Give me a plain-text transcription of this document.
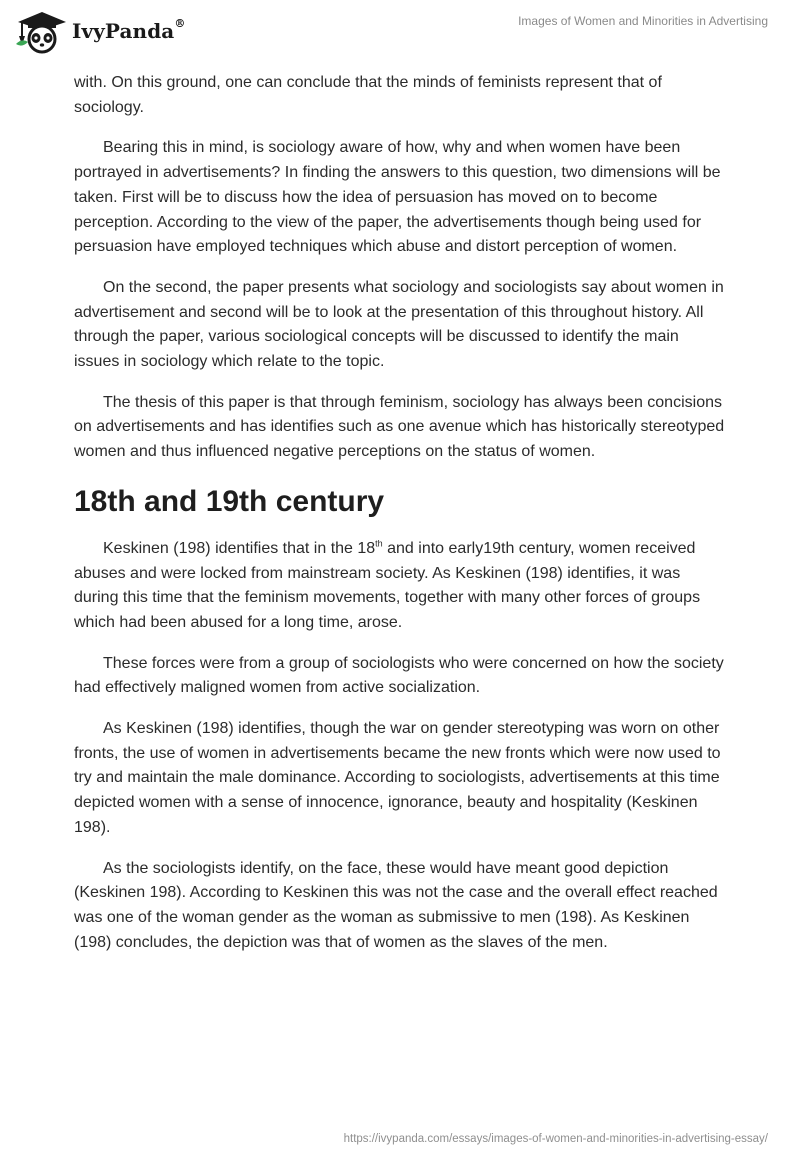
IvyPanda®	Images of Women and Minorities in Advertising

with. On this ground, one can conclude that the minds of feminists represent that of sociology.

Bearing this in mind, is sociology aware of how, why and when women have been portrayed in advertisements? In finding the answers to this question, two dimensions will be taken. First will be to discuss how the idea of persuasion has moved on to become perception. According to the view of the paper, the advertisements though being used for persuasion have employed techniques which abuse and distort perception of women.

On the second, the paper presents what sociology and sociologists say about women in advertisement and second will be to look at the presentation of this throughout history. All through the paper, various sociological concepts will be discussed to identify the main issues in sociology which relate to the topic.

The thesis of this paper is that through feminism, sociology has always been concisions on advertisements and has identifies such as one avenue which has historically stereotyped women and thus influenced negative perceptions on the status of women.

18th and 19th century

Keskinen (198) identifies that in the 18th and into early19th century, women received abuses and were locked from mainstream society. As Keskinen (198) identifies, it was during this time that the feminism movements, together with many other forces of groups which had been abused for a long time, arose.

These forces were from a group of sociologists who were concerned on how the society had effectively maligned women from active socialization.

As Keskinen (198) identifies, though the war on gender stereotyping was worn on other fronts, the use of women in advertisements became the new fronts which were now used to try and maintain the male dominance. According to sociologists, advertisements at this time depicted women with a sense of innocence, ignorance, beauty and hospitality (Keskinen 198).

As the sociologists identify, on the face, these would have meant good depiction (Keskinen 198). According to Keskinen this was not the case and the overall effect reached was one of the woman gender as the woman as submissive to men (198). As Keskinen (198) concludes, the depiction was that of women as the slaves of the men.

https://ivypanda.com/essays/images-of-women-and-minorities-in-advertising-essay/
